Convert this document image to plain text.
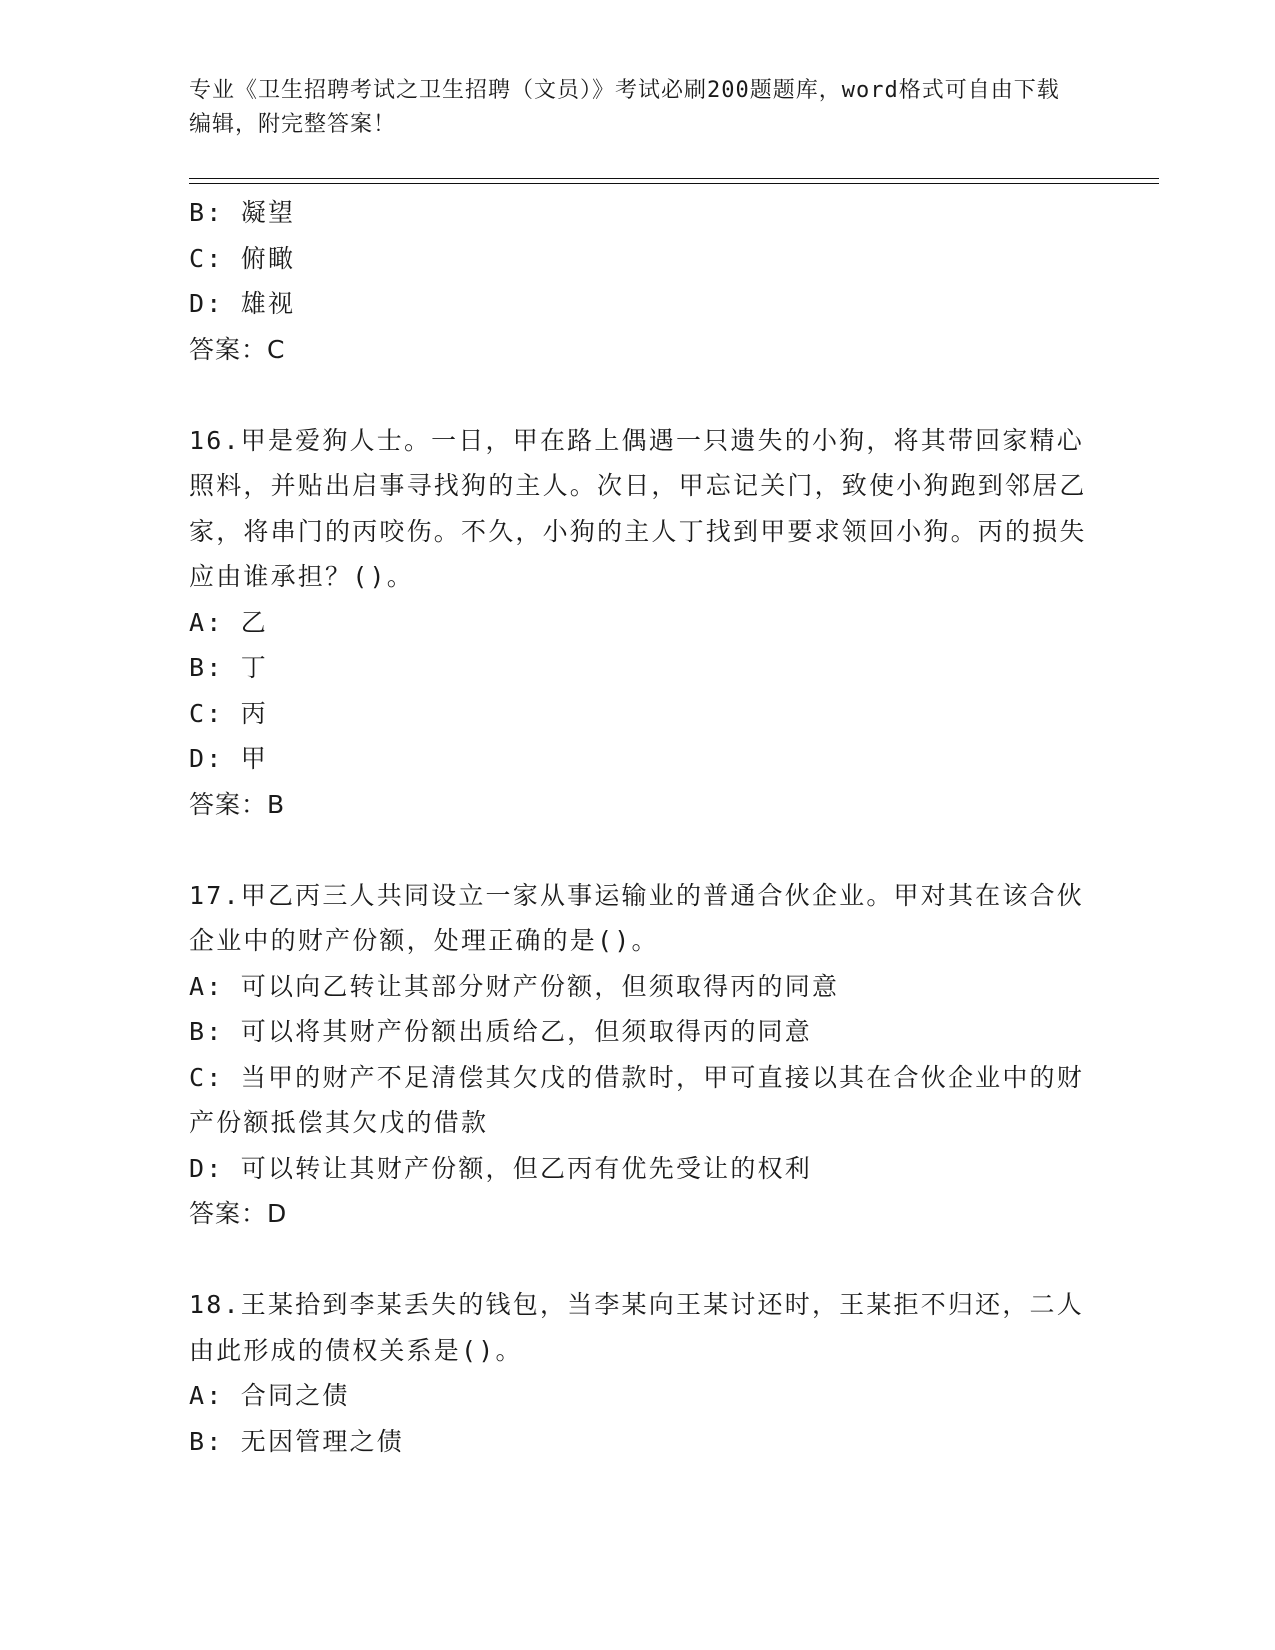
专业《卫生招聘考试之卫生招聘（文员）》考试必刷200题题库，word格式可自由下载编辑，附完整答案！
B: 凝望
C: 俯瞰
D: 雄视
答案：C
16.甲是爱狗人士。一日，甲在路上偶遇一只遗失的小狗，将其带回家精心照料，并贴出启事寻找狗的主人。次日，甲忘记关门，致使小狗跑到邻居乙家，将串门的丙咬伤。不久，小狗的主人丁找到甲要求领回小狗。丙的损失应由谁承担？()。
A: 乙
B: 丁
C: 丙
D: 甲
答案：B
17.甲乙丙三人共同设立一家从事运输业的普通合伙企业。甲对其在该合伙企业中的财产份额，处理正确的是()。
A: 可以向乙转让其部分财产份额，但须取得丙的同意
B: 可以将其财产份额出质给乙，但须取得丙的同意
C: 当甲的财产不足清偿其欠戊的借款时，甲可直接以其在合伙企业中的财产份额抵偿其欠戊的借款
D: 可以转让其财产份额，但乙丙有优先受让的权利
答案：D
18.王某拾到李某丢失的钱包，当李某向王某讨还时，王某拒不归还，二人由此形成的债权关系是()。
A: 合同之债
B: 无因管理之债
